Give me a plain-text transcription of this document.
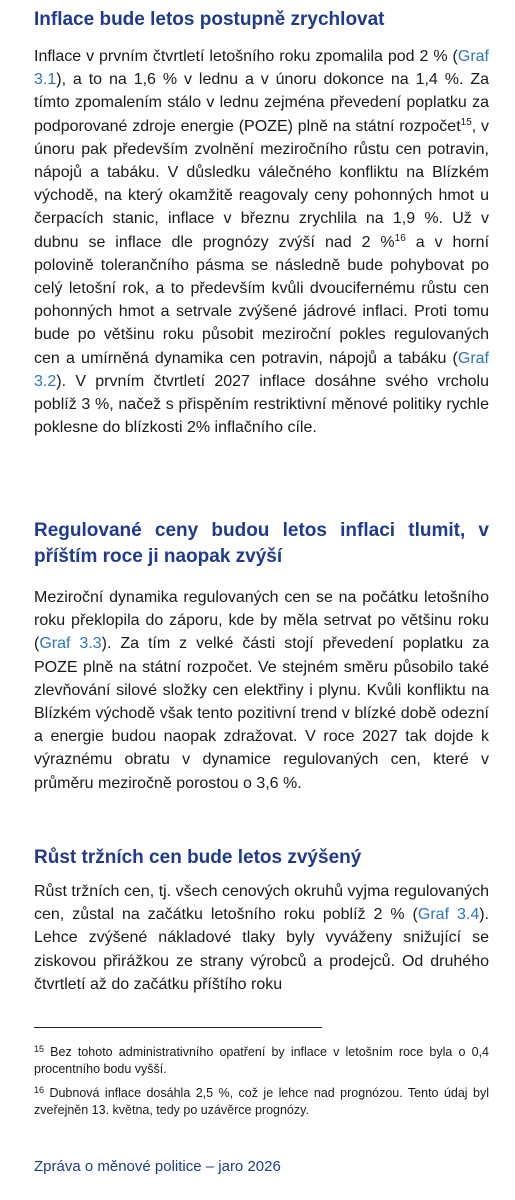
Inflace bude letos postupně zrychlovat

Inflace v prvním čtvrtletí letošního roku zpomalila pod 2 % (Graf 3.1), a to na 1,6 % v lednu a v únoru dokonce na 1,4 %. Za tímto zpomalením stálo v lednu zejména převedení poplatku za podporované zdroje energie (POZE) plně na státní rozpočet$^{15}$, v únoru pak především zvolnění meziročního růstu cen potravin, nápojů a tabáku. V důsledku válečného konfliktu na Blízkém východě, na který okamžitě reagovaly ceny pohonných hmot u čerpacích stanic, inflace v březnu zrychlila na 1,9 %. Už v dubnu se inflace dle prognózy zvýší nad 2 %$^{16}$ a v horní polovině tolerančního pásma se následně bude pohybovat po celý letošní rok, a to především kvůli dvoucifernému růstu cen pohonných hmot a setrvale zvýšené jádrové inflaci. Proti tomu bude po většinu roku působit meziroční pokles regulovaných cen a umírněná dynamika cen potravin, nápojů a tabáku (Graf 3.2). V prvním čtvrtletí 2027 inflace dosáhne svého vrcholu poblíž 3 %, načež s přispěním restriktivní měnové politiky rychle poklesne do blízkosti 2% inflačního cíle.

Regulované ceny budou letos inflaci tlumit, v příštím roce ji naopak zvýší

Meziroční dynamika regulovaných cen se na počátku letošního roku překlopila do záporu, kde by měla setrvat po většinu roku (Graf 3.3). Za tím z velké části stojí převedení poplatku za POZE plně na státní rozpočet. Ve stejném směru působilo také zlevňování silové složky cen elektřiny i plynu. Kvůli konfliktu na Blízkém východě však tento pozitivní trend v blízké době odezní a energie budou naopak zdražovat. V roce 2027 tak dojde k výraznému obratu v dynamice regulovaných cen, které v průměru meziročně porostou o 3,6 %.

Růst tržních cen bude letos zvýšený

Růst tržních cen, tj. všech cenových okruhů vyjma regulovaných cen, zůstal na začátku letošního roku poblíž 2 % (Graf 3.4). Lehce zvýšené nákladové tlaky byly vyváženy snižující se ziskovou přirážkou ze strany výrobců a prodejců. Od druhého čtvrtletí až do začátku příštího roku

$^{15}$ Bez tohoto administrativního opatření by inflace v letošním roce byla o 0,4 procentního bodu vyšší.

$^{16}$ Dubnová inflace dosáhla 2,5 %, což je lehce nad prognózou. Tento údaj byl zveřejněn 13. května, tedy po uzávěrce prognózy.

Zpráva o měnové politice – jaro 2026
